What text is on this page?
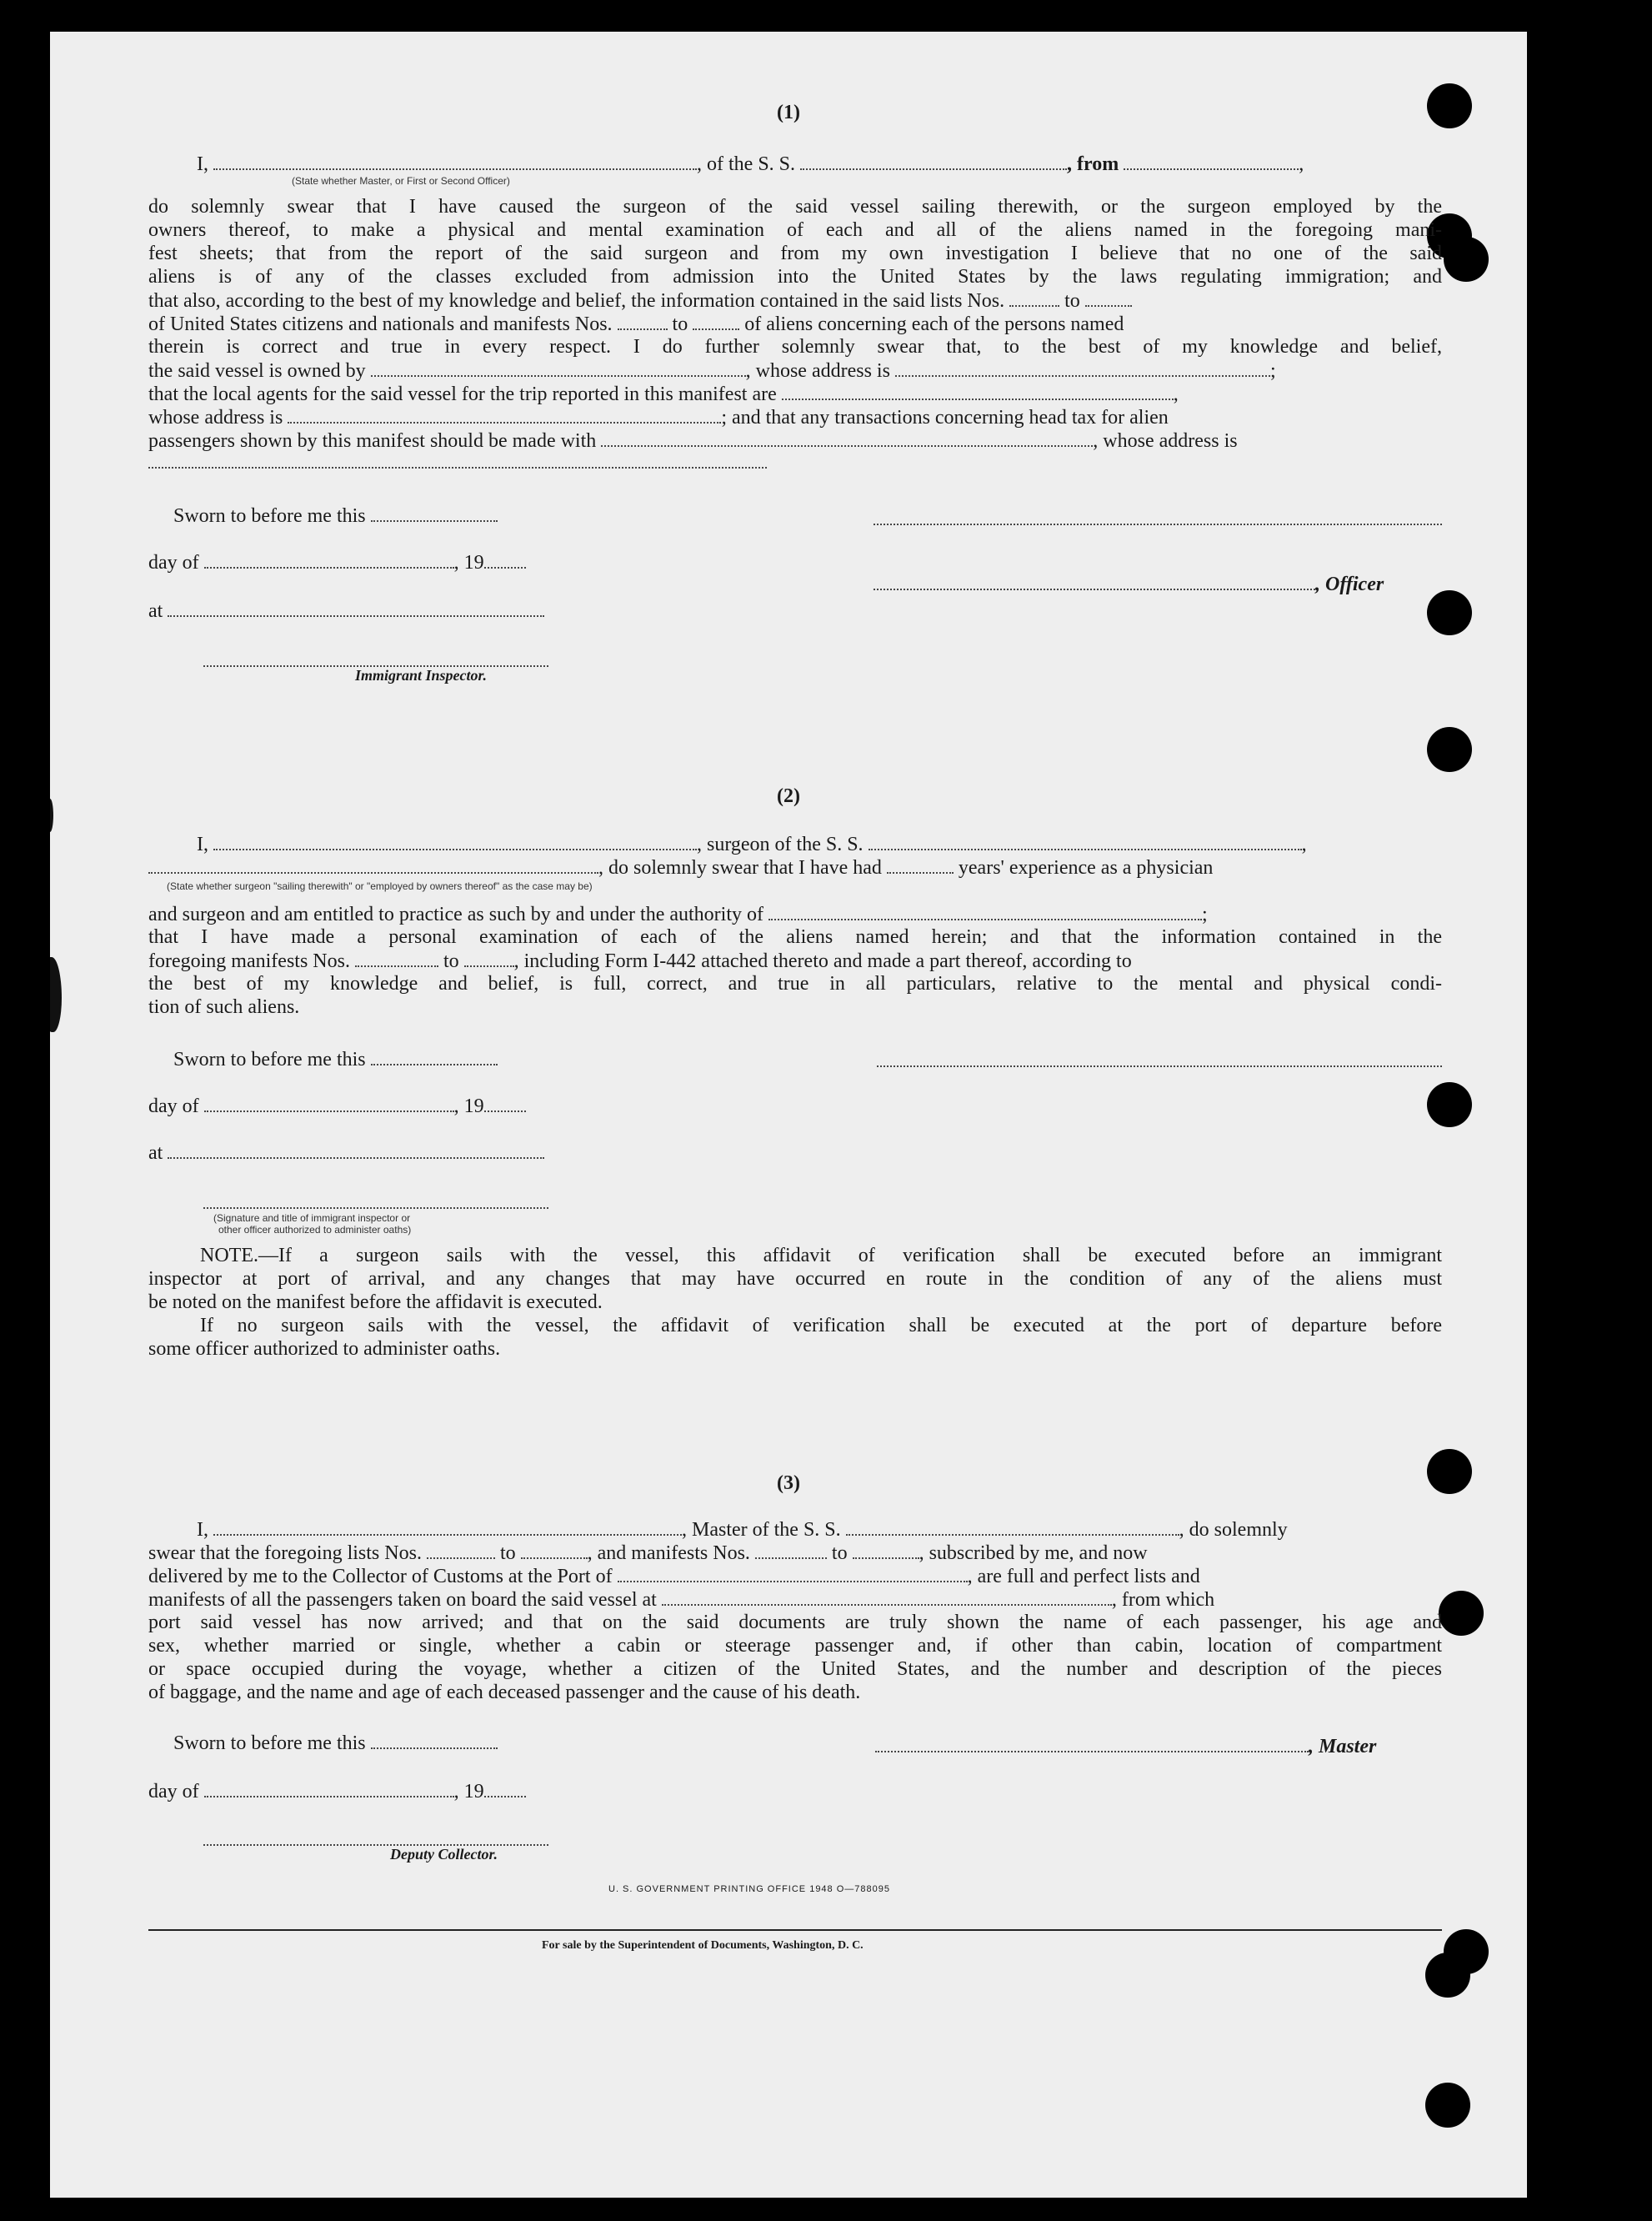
(1)
I,	, of the S. S.	, from	,
(State whether Master, or First or Second Officer)
do solemnly swear that I have caused the surgeon of the said vessel sailing therewith, or the surgeon employed by the
owners thereof, to make a physical and mental examination of each and all of the aliens named in the foregoing mani-
fest sheets; that from the report of the said surgeon and from my own investigation I believe that no one of the said
aliens is of any of the classes excluded from admission into the United States by the laws regulating immigration; and
that also, according to the best of my knowledge and belief, the information contained in the said lists Nos.	to
of United States citizens and nationals and manifests Nos.	to	of aliens concerning each of the persons named
therein is correct and true in every respect. I do further solemnly swear that, to the best of my knowledge and belief,
the said vessel is owned by	, whose address is	;
that the local agents for the said vessel for the trip reported in this manifest are	,
whose address is	; and that any transactions concerning head tax for alien
passengers shown by this manifest should be made with	, whose address is
Sworn to before me this
day of	, 19
, Officer
at
Immigrant Inspector.
(2)
I,	, surgeon of the S. S.	,
, do solemnly swear that I have had	years' experience as a physician
(State whether surgeon "sailing therewith" or "employed by owners thereof" as the case may be)
and surgeon and am entitled to practice as such by and under the authority of	;
that I have made a personal examination of each of the aliens named herein; and that the information contained in the
foregoing manifests Nos.	to	, including Form I-442 attached thereto and made a part thereof, according to
the best of my knowledge and belief, is full, correct, and true in all particulars, relative to the mental and physical condi-
tion of such aliens.
Sworn to before me this
day of	, 19
at
(Signature and title of immigrant inspector or
other officer authorized to administer oaths)
NOTE.—If a surgeon sails with the vessel, this affidavit of verification shall be executed before an immigrant
inspector at port of arrival, and any changes that may have occurred en route in the condition of any of the aliens must
be noted on the manifest before the affidavit is executed.
If no surgeon sails with the vessel, the affidavit of verification shall be executed at the port of departure before
some officer authorized to administer oaths.
(3)
I,	, Master of the S. S.	, do solemnly
swear that the foregoing lists Nos.	to	, and manifests Nos.	to	, subscribed by me, and now
delivered by me to the Collector of Customs at the Port of	, are full and perfect lists and
manifests of all the passengers taken on board the said vessel at	, from which
port said vessel has now arrived; and that on the said documents are truly shown the name of each passenger, his age and
sex, whether married or single, whether a cabin or steerage passenger and, if other than cabin, location of compartment
or space occupied during the voyage, whether a citizen of the United States, and the number and description of the pieces
of baggage, and the name and age of each deceased passenger and the cause of his death.
Sworn to before me this	, Master
day of	, 19
Deputy Collector.
U. S. GOVERNMENT PRINTING OFFICE 1948 O—788095
For sale by the Superintendent of Documents, Washington, D. C.
